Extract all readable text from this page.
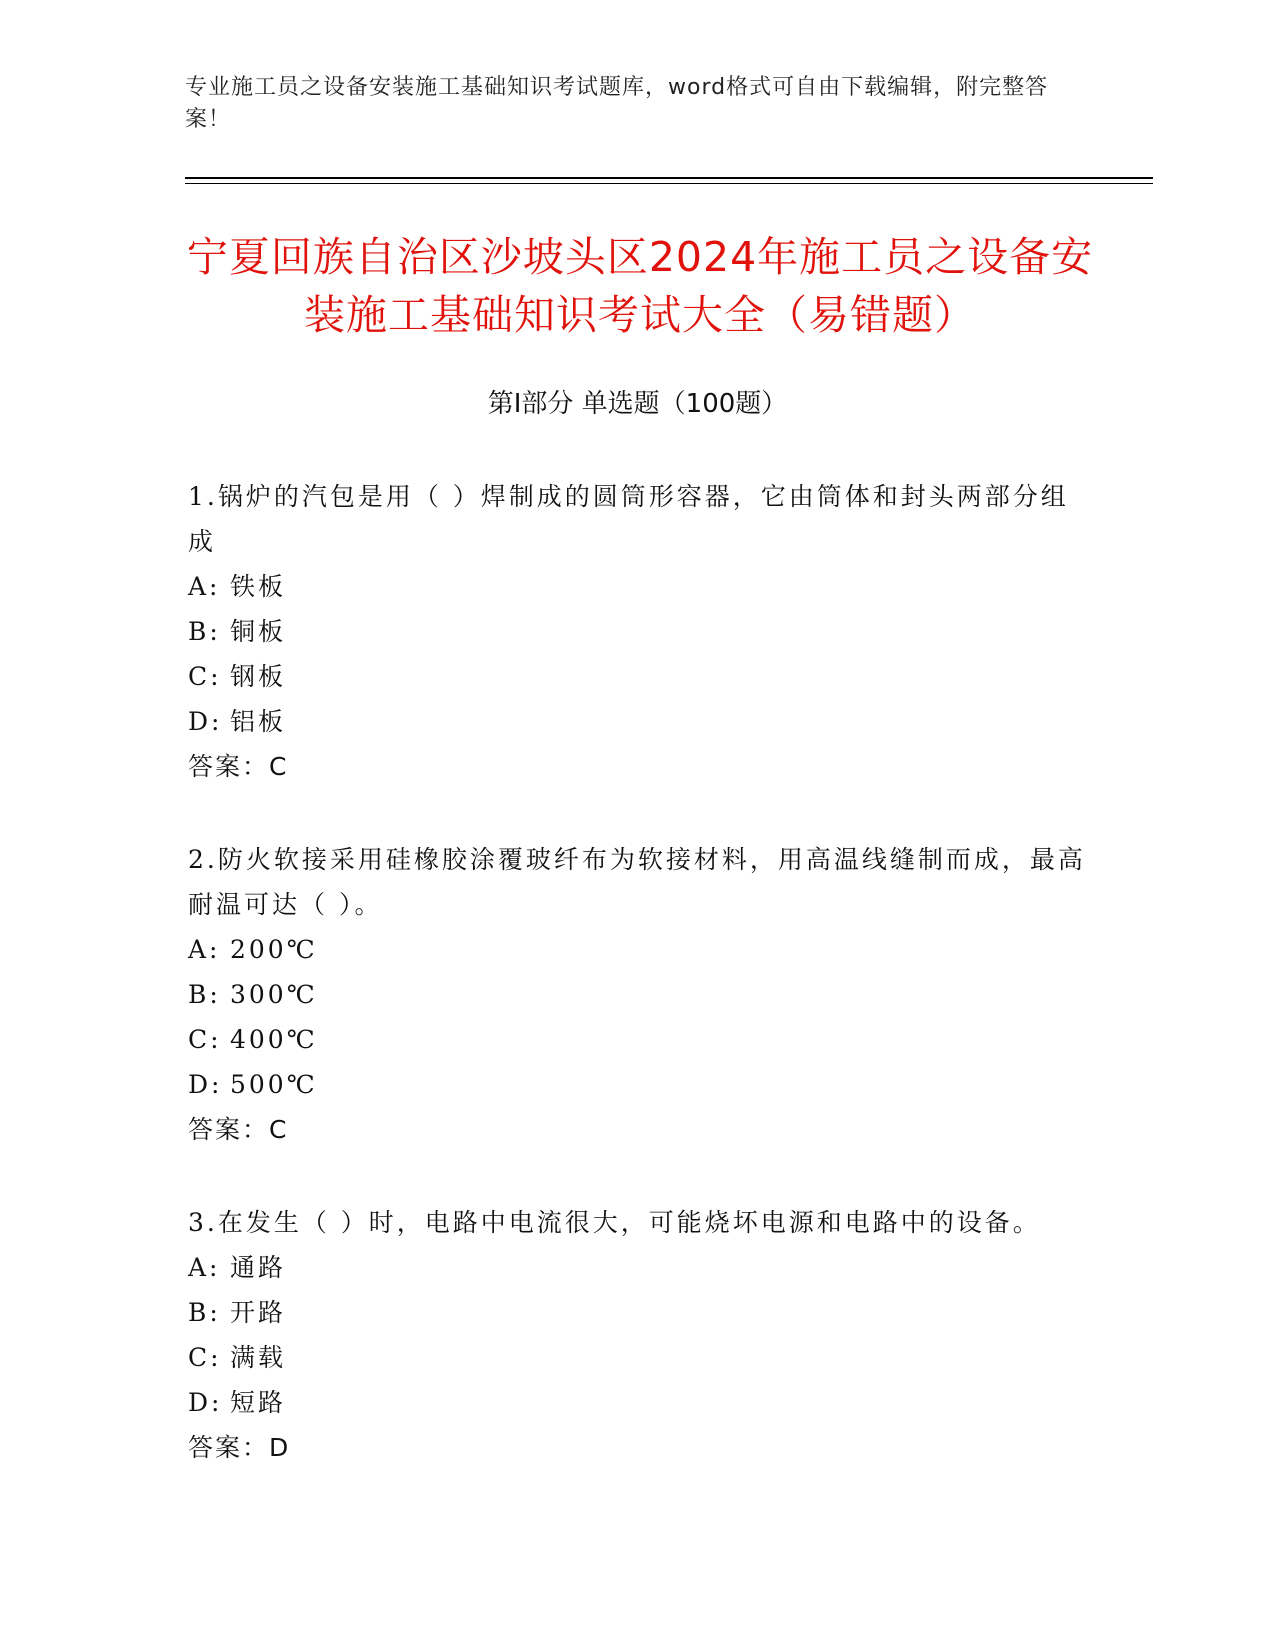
专业施工员之设备安装施工基础知识考试题库，word格式可自由下载编辑，附完整答案！
宁夏回族自治区沙坡头区2024年施工员之设备安装施工基础知识考试大全（易错题）
第I部分 单选题（100题）
1.锅炉的汽包是用（ ）焊制成的圆筒形容器，它由筒体和封头两部分组成
A: 铁板
B: 铜板
C: 钢板
D: 铝板
答案：C
2.防火软接采用硅橡胶涂覆玻纤布为软接材料，用高温线缝制而成，最高耐温可达（ ）。
A: 200℃
B: 300℃
C: 400℃
D: 500℃
答案：C
3.在发生（ ）时，电路中电流很大，可能烧坏电源和电路中的设备。
A: 通路
B: 开路
C: 满载
D: 短路
答案：D
